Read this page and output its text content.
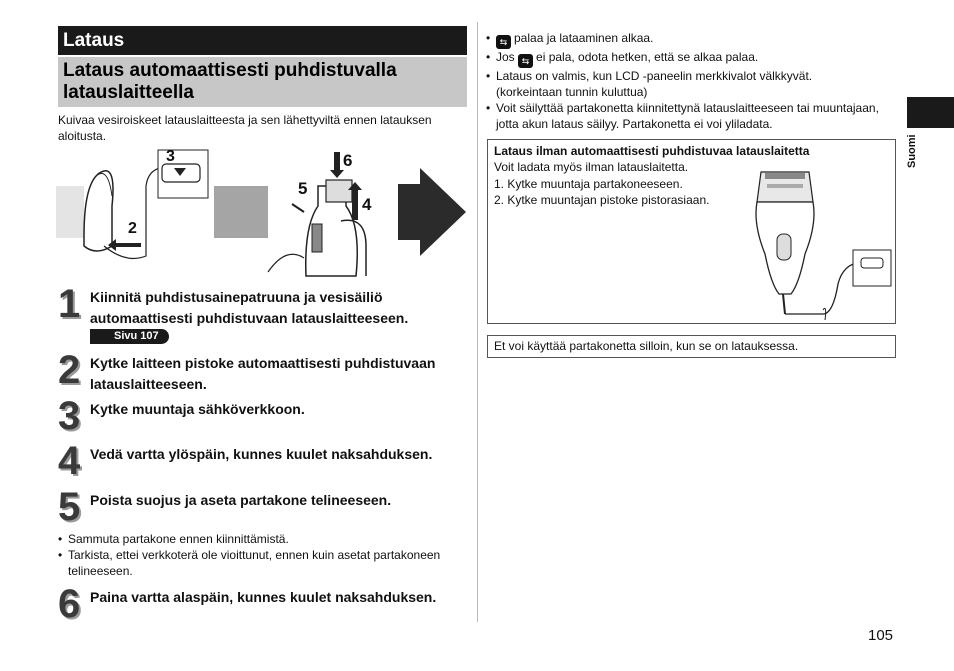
Lataus
Lataus automaattisesti puhdistuvalla latauslaitteella
Kuivaa vesiroiskeet latauslaitteesta ja sen lähettyviltä ennen latauksen aloitusta.
2
3
5
6
4
1 Kiinnitä puhdistusainepatruuna ja vesisäiliö automaattisesti puhdistuvaan latauslaitteeseen.
Sivu 107
2 Kytke laitteen pistoke automaattisesti puhdistuvaan latauslaitteeseen.
3 Kytke muuntaja sähköverkkoon.
4 Vedä vartta ylöspäin, kunnes kuulet naksahduksen.
5 Poista suojus ja aseta partakone telineeseen.
• Sammuta partakone ennen kiinnittämistä.
• Tarkista, ettei verkkoterä ole vioittunut, ennen kuin asetat partakoneen telineeseen.
6 Paina vartta alaspäin, kunnes kuulet naksahduksen.
• ⇆ palaa ja lataaminen alkaa.
• Jos ⇆ ei pala, odota hetken, että se alkaa palaa.
• Lataus on valmis, kun LCD -paneelin merkkivalot välkkyvät.
(korkeintaan tunnin kuluttua)
• Voit säilyttää partakonetta kiinnitettynä latauslaitteeseen tai muuntajaan,
jotta akun lataus säilyy. Partakonetta ei voi yliladata.
Lataus ilman automaattisesti puhdistuvaa latauslaitetta
Voit ladata myös ilman latauslaitetta.
1. Kytke muuntaja partakoneeseen.
2. Kytke muuntajan pistoke pistorasiaan.
Et voi käyttää partakonetta silloin, kun se on latauksessa.
Suomi
105
